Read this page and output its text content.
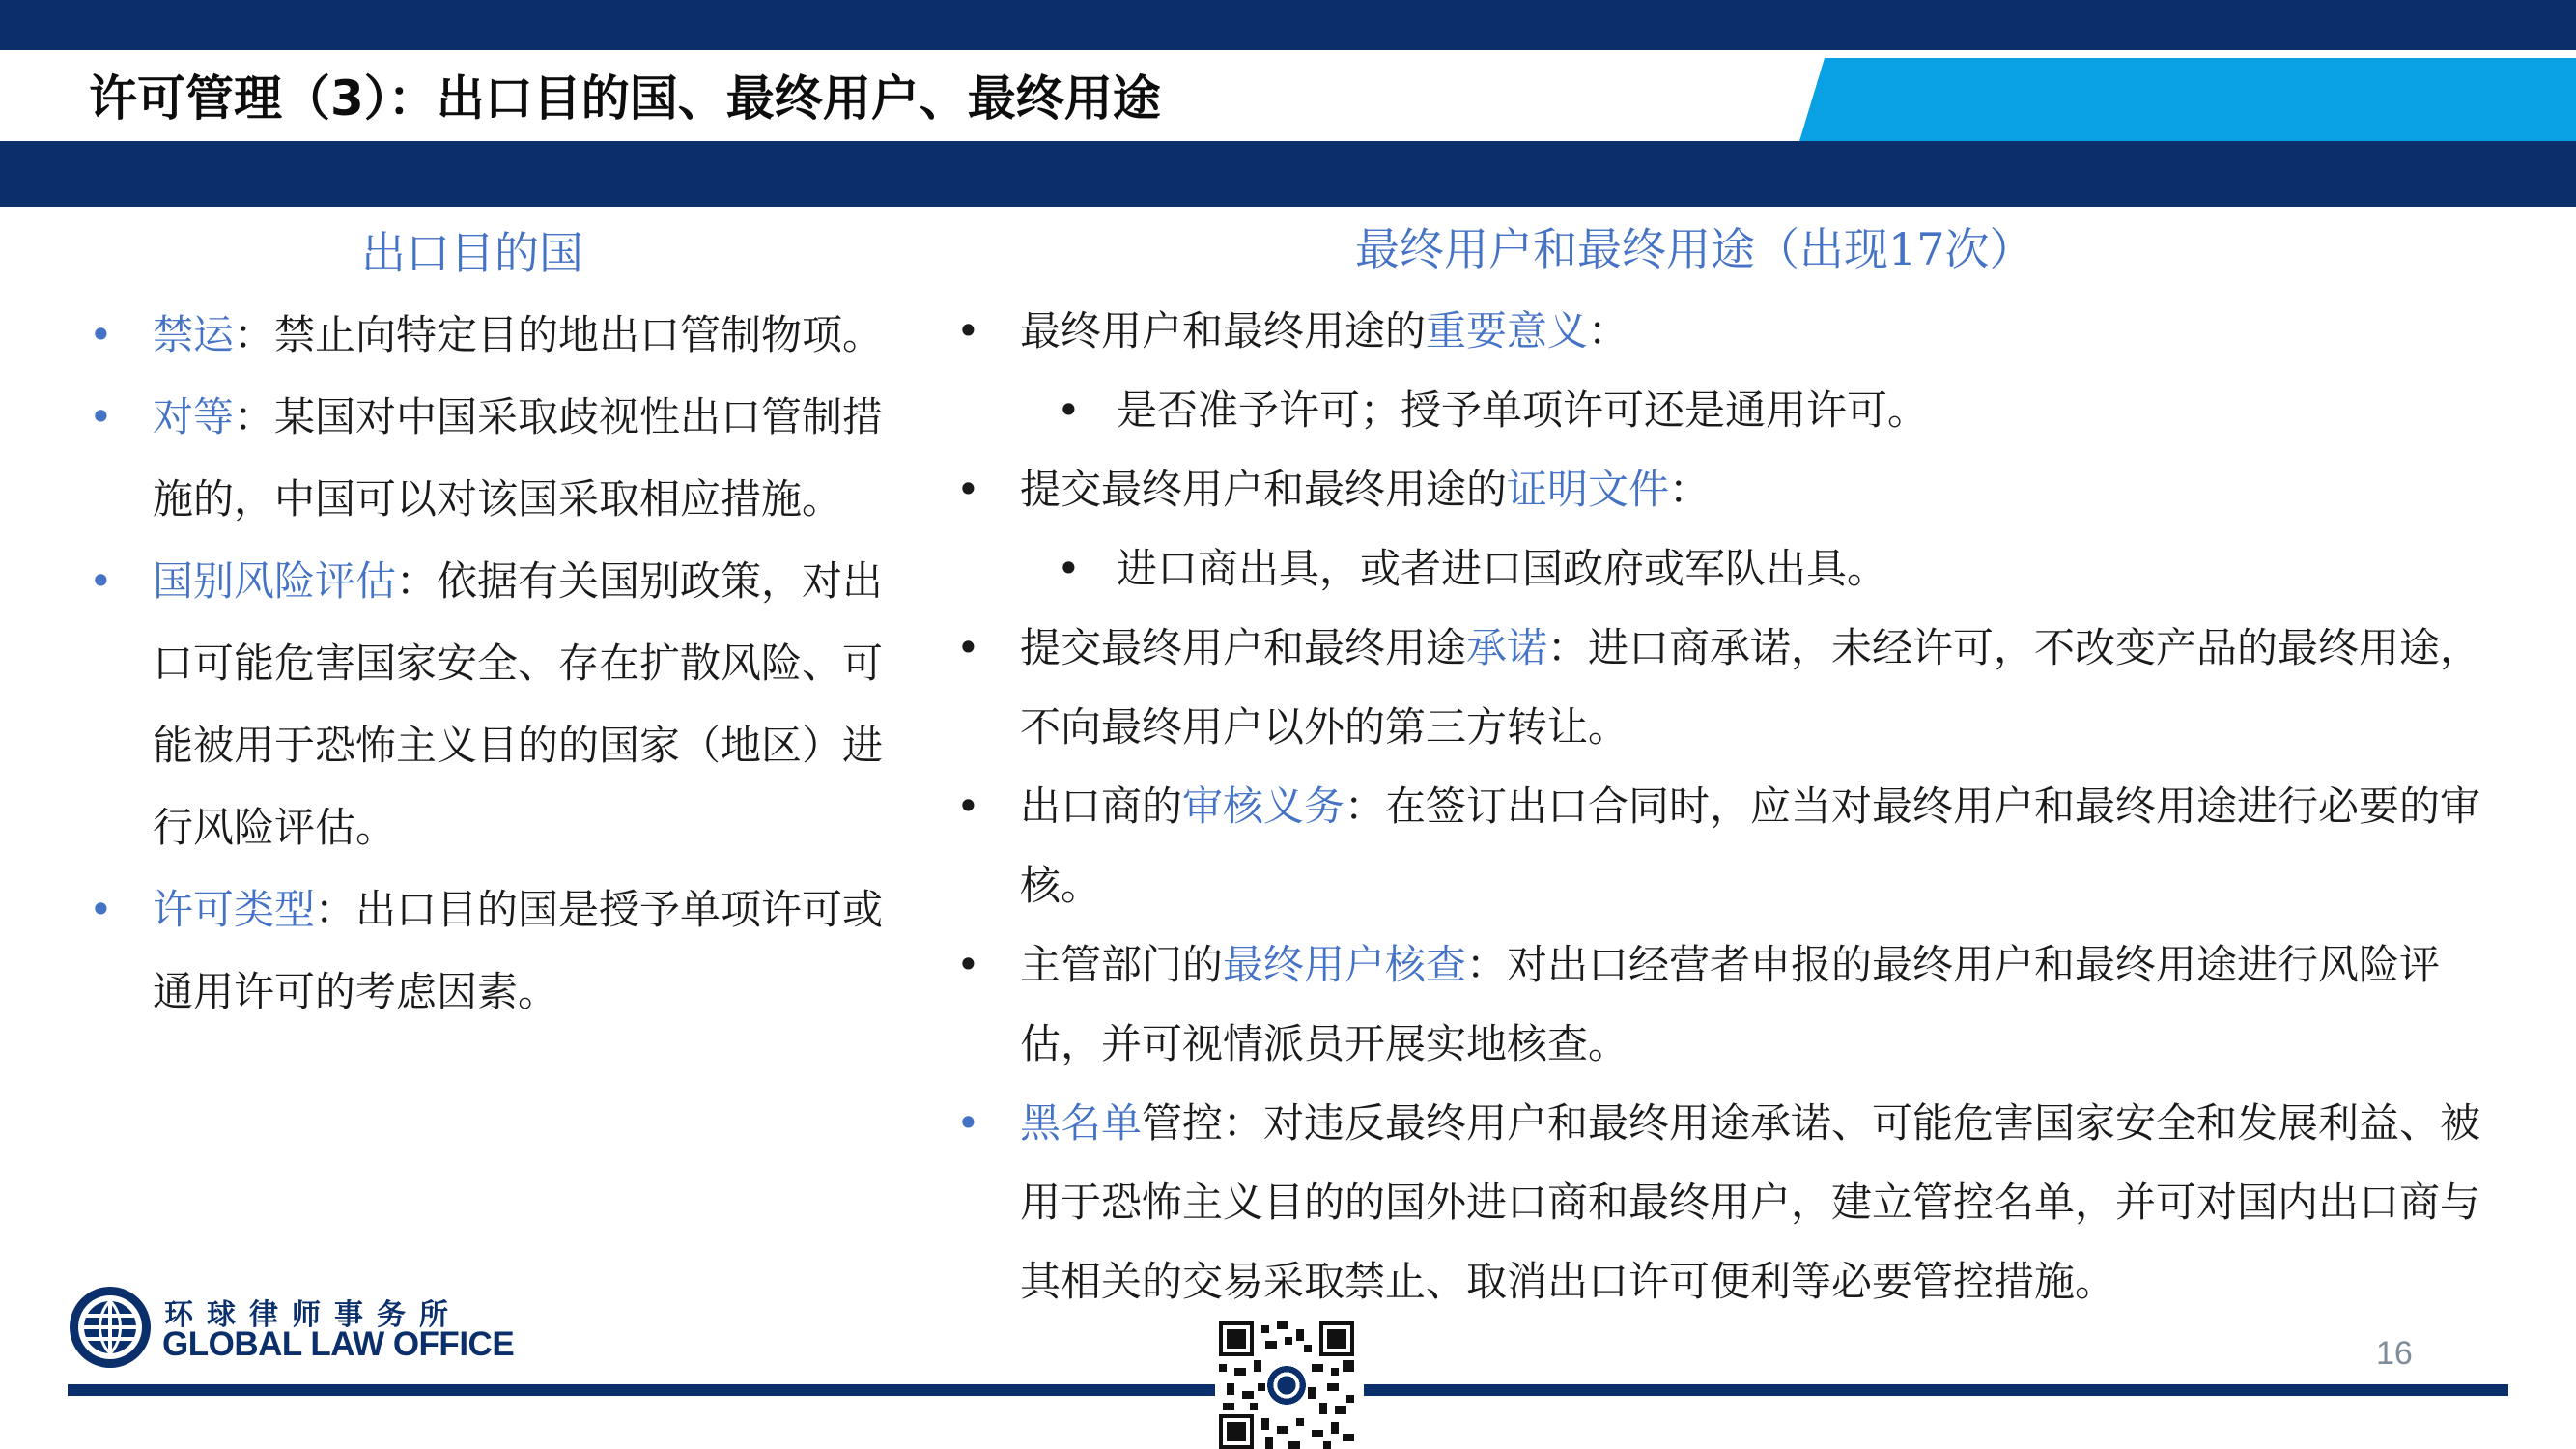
许可管理（3）：出口目的国、最终用户、最终用途
出口目的国
• 禁运：禁止向特定目的地出口管制物项。
• 对等：某国对中国采取歧视性出口管制措施的，中国可以对该国采取相应措施。
• 国别风险评估：依据有关国别政策，对出口可能危害国家安全、存在扩散风险、可能被用于恐怖主义目的的国家（地区）进行风险评估。
• 许可类型：出口目的国是授予单项许可或通用许可的考虑因素。
最终用户和最终用途（出现17次）
• 最终用户和最终用途的重要意义：
• 是否准予许可；授予单项许可还是通用许可。
• 提交最终用户和最终用途的证明文件：
• 进口商出具，或者进口国政府或军队出具。
• 提交最终用户和最终用途承诺：进口商承诺，未经许可，不改变产品的最终用途，不向最终用户以外的第三方转让。
• 出口商的审核义务：在签订出口合同时，应当对最终用户和最终用途进行必要的审核。
• 主管部门的最终用户核查：对出口经营者申报的最终用户和最终用途进行风险评估，并可视情派员开展实地核查。
• 黑名单管控：对违反最终用户和最终用途承诺、可能危害国家安全和发展利益、被用于恐怖主义目的的国外进口商和最终用户，建立管控名单，并可对国内出口商与其相关的交易采取禁止、取消出口许可便利等必要管控措施。
环球律师事务所
GLOBAL LAW OFFICE	16
